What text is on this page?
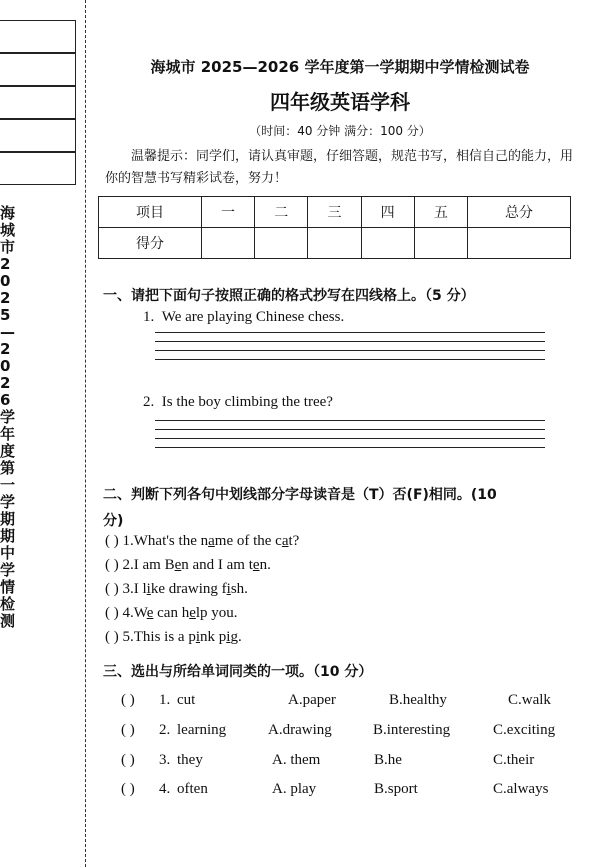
海城市2025—2026学年度第一学期期中学情检测
海城市 2025—2026 学年度第一学期期中学情检测试卷
四年级英语学科
（时间：40 分钟 满分：100 分）
温馨提示：同学们，请认真审题，仔细答题，规范书写，相信自己的能力，用你的智慧书写精彩试卷，努力！
项目	一	二	三	四	五	总分
得分						
一、请把下面句子按照正确的格式抄写在四线格上。（5 分）
1. We are playing Chinese chess.
2. Is the boy climbing the tree?
二、判断下列各句中划线部分字母读音是（T）否(F)相同。(10
分)
( ) 1.What's the name of the cat?
( ) 2.I am Ben and I am ten.
( ) 3.I like drawing fish.
( ) 4.We can help you.
( ) 5.This is a pink pig.
三、选出与所给单词同类的一项。（10 分）
( ) 1. cut	A.paper	B.healthy	C.walk
( ) 2. learning	A.drawing	B.interesting	C.exciting
( ) 3. they	A. them	B.he	C.their
( ) 4. often	A. play	B.sport	C.always
